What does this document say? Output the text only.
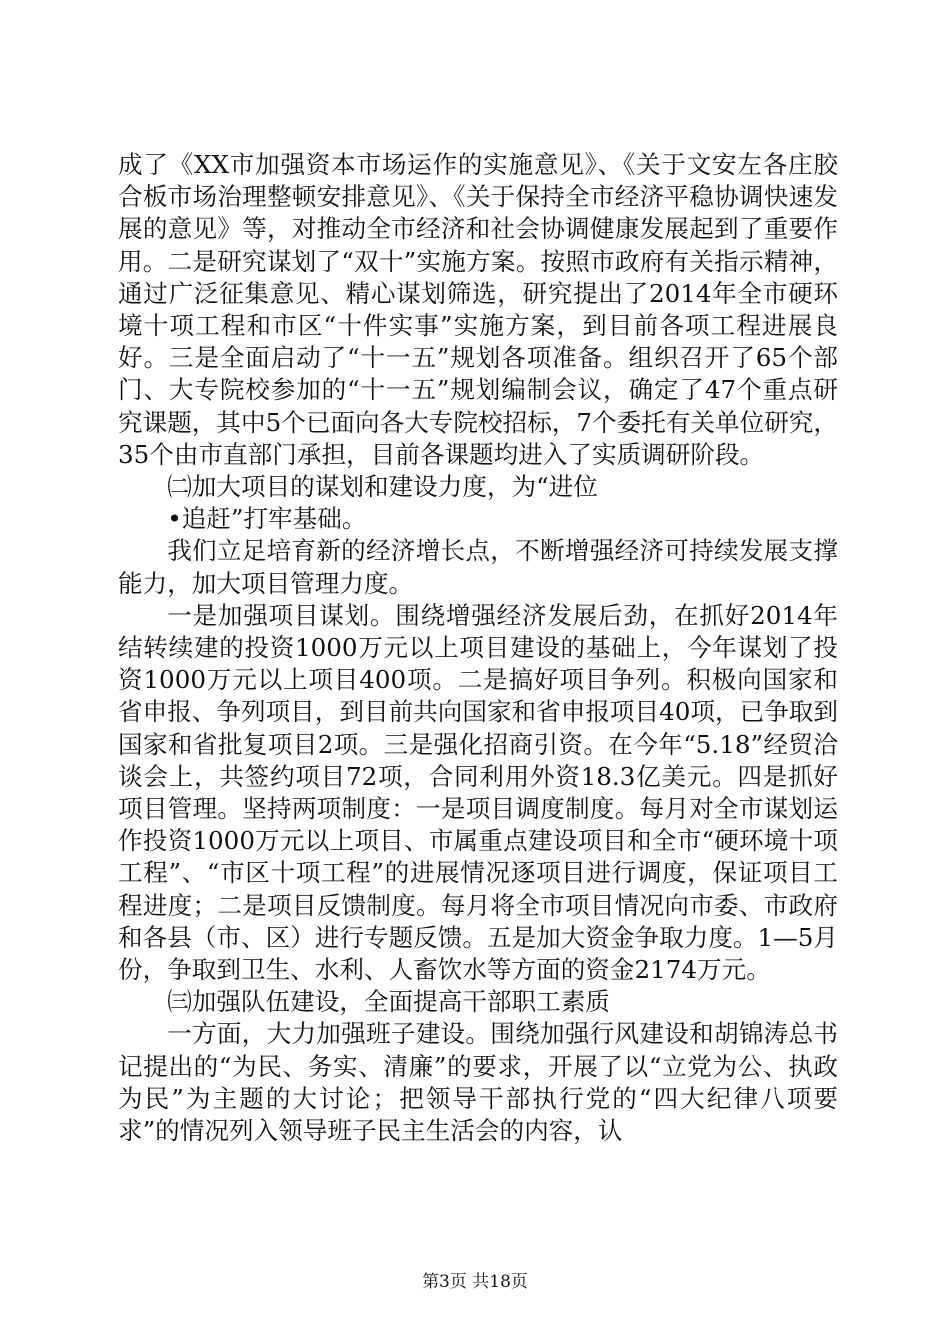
成了《XX市加强资本市场运作的实施意见》、《关于文安左各庄胶合板市场治理整顿安排意见》、《关于保持全市经济平稳协调快速发展的意见》等，对推动全市经济和社会协调健康发展起到了重要作用。二是研究谋划了“双十”实施方案。按照市政府有关指示精神，通过广泛征集意见、精心谋划筛选，研究提出了2014年全市硬环境十项工程和市区“十件实事”实施方案，到目前各项工程进展良好。三是全面启动了“十一五”规划各项准备。组织召开了65个部门、大专院校参加的“十一五”规划编制会议，确定了47个重点研究课题，其中5个已面向各大专院校招标，7个委托有关单位研究，35个由市直部门承担，目前各课题均进入了实质调研阶段。

㈡加大项目的谋划和建设力度，为“进位

•追赶”打牢基础。

我们立足培育新的经济增长点，不断增强经济可持续发展支撑能力，加大项目管理力度。

一是加强项目谋划。围绕增强经济发展后劲，在抓好2014年结转续建的投资1000万元以上项目建设的基础上，今年谋划了投资1000万元以上项目400项。二是搞好项目争列。积极向国家和省申报、争列项目，到目前共向国家和省申报项目40项，已争取到国家和省批复项目2项。三是强化招商引资。在今年“5.18”经贸洽谈会上，共签约项目72项，合同利用外资18.3亿美元。四是抓好项目管理。坚持两项制度：一是项目调度制度。每月对全市谋划运作投资1000万元以上项目、市属重点建设项目和全市“硬环境十项工程”、“市区十项工程”的进展情况逐项目进行调度，保证项目工程进度；二是项目反馈制度。每月将全市项目情况向市委、市政府和各县（市、区）进行专题反馈。五是加大资金争取力度。1—5月份，争取到卫生、水利、人畜饮水等方面的资金2174万元。

㈢加强队伍建设，全面提高干部职工素质

一方面，大力加强班子建设。围绕加强行风建设和胡锦涛总书记提出的“为民、务实、清廉”的要求，开展了以“立党为公、执政为民”为主题的大讨论；把领导干部执行党的“四大纪律八项要求”的情况列入领导班子民主生活会的内容，认

第3页 共18页
